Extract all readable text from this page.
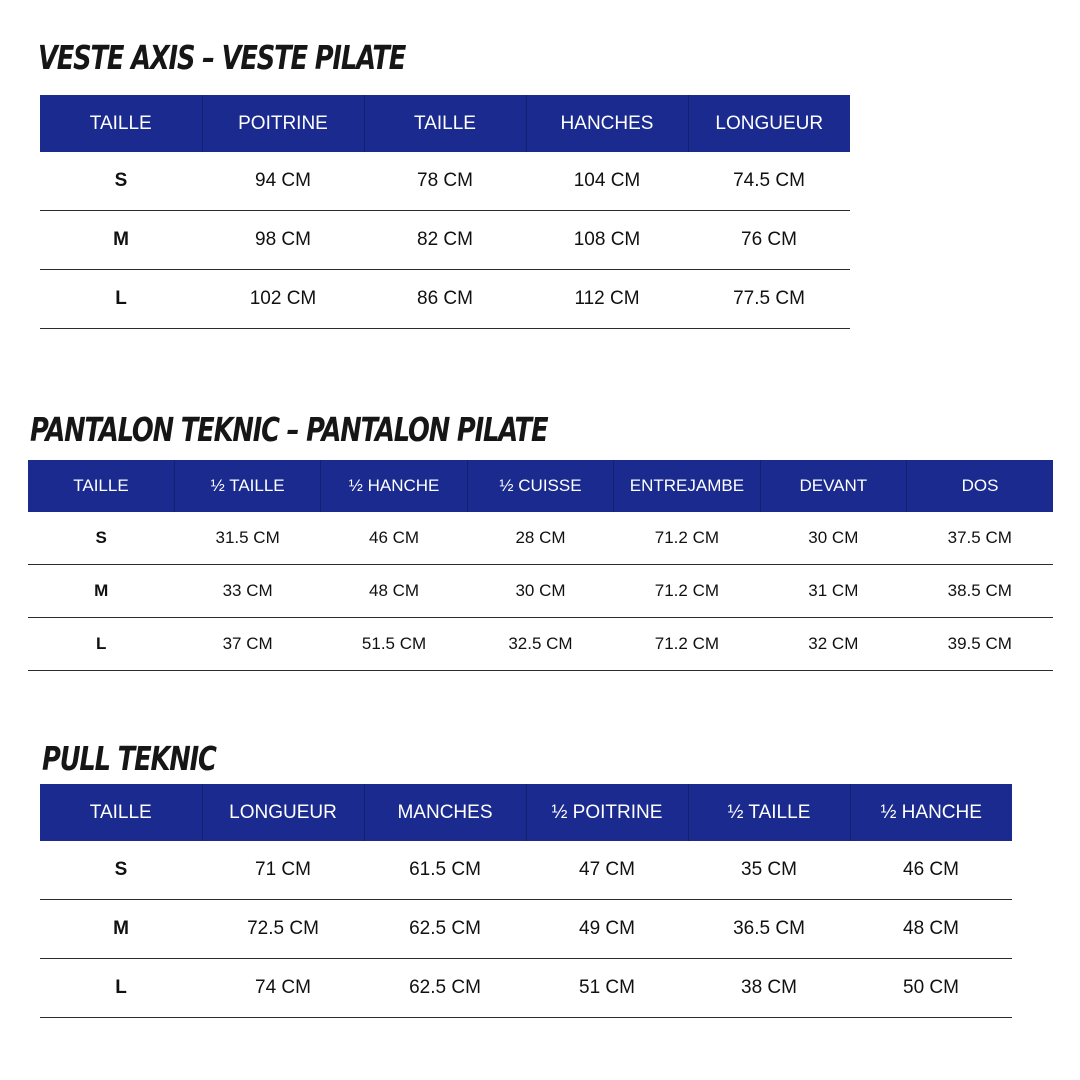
VESTE AXIS – VESTE PILATE
TAILLE	POITRINE	TAILLE	HANCHES	LONGUEUR
S	94 CM	78 CM	104 CM	74.5 CM
M	98 CM	82 CM	108 CM	76 CM
L	102 CM	86 CM	112 CM	77.5 CM
PANTALON TEKNIC – PANTALON PILATE
TAILLE	½ TAILLE	½ HANCHE	½ CUISSE	ENTREJAMBE	DEVANT	DOS
S	31.5 CM	46 CM	28 CM	71.2 CM	30 CM	37.5 CM
M	33 CM	48 CM	30 CM	71.2 CM	31 CM	38.5 CM
L	37 CM	51.5 CM	32.5 CM	71.2 CM	32 CM	39.5 CM
PULL TEKNIC
TAILLE	LONGUEUR	MANCHES	½ POITRINE	½ TAILLE	½ HANCHE
S	71 CM	61.5 CM	47 CM	35 CM	46 CM
M	72.5 CM	62.5 CM	49 CM	36.5 CM	48 CM
L	74 CM	62.5 CM	51 CM	38 CM	50 CM
